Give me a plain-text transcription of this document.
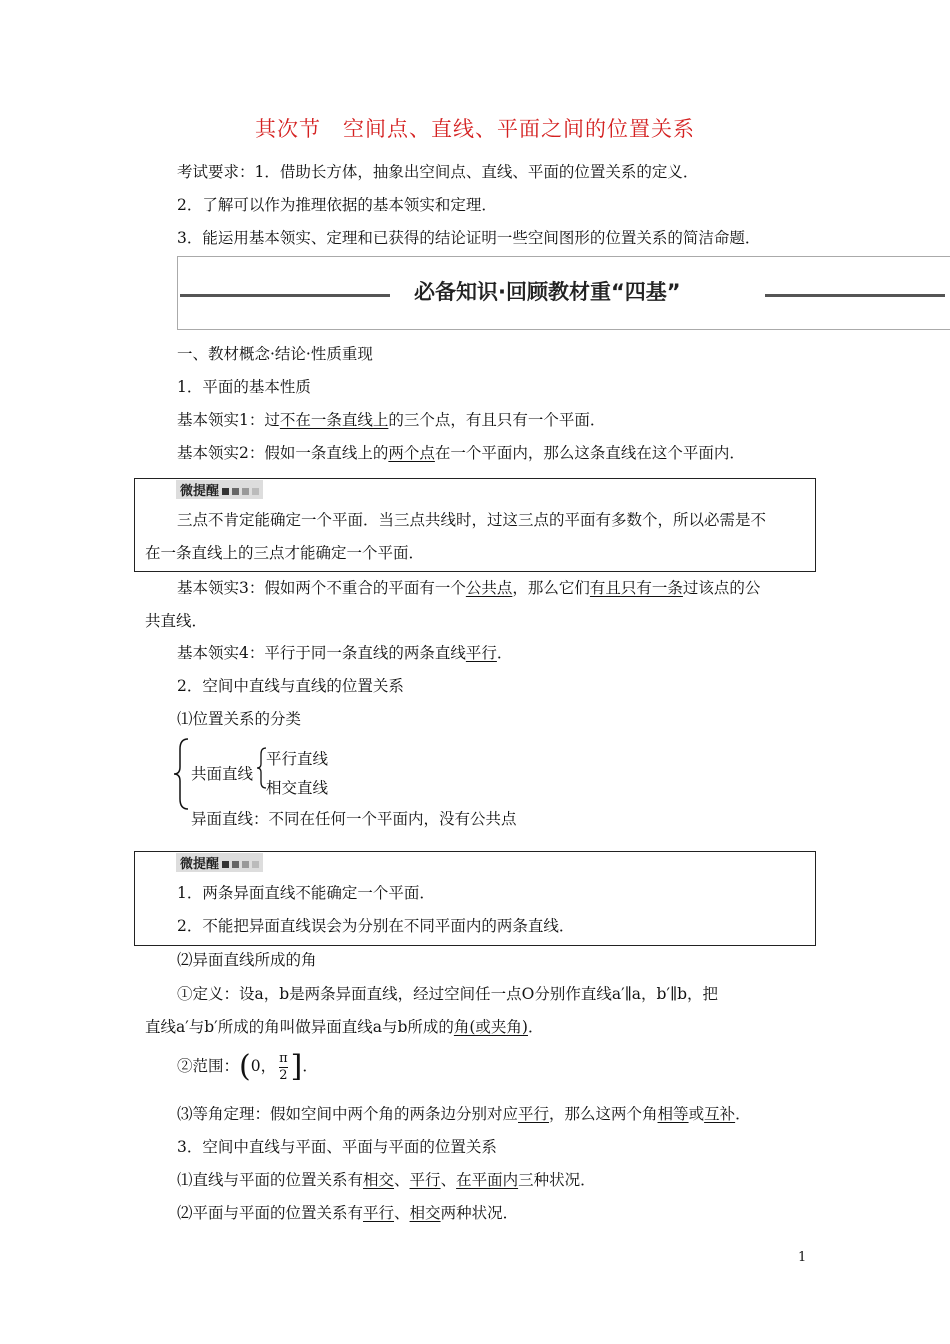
其次节　空间点、直线、平面之间的位置关系
考试要求：1．借助长方体，抽象出空间点、直线、平面的位置关系的定义．
2．了解可以作为推理依据的基本领实和定理．
3．能运用基本领实、定理和已获得的结论证明一些空间图形的位置关系的简洁命题．
必备知识·回顾教材重“四基”
一、教材概念·结论·性质重现
1．平面的基本性质
基本领实1：过不在一条直线上的三个点，有且只有一个平面．
基本领实2：假如一条直线上的两个点在一个平面内，那么这条直线在这个平面内．
微提醒
三点不肯定能确定一个平面．当三点共线时，过这三点的平面有多数个，所以必需是不
在一条直线上的三点才能确定一个平面．
基本领实3：假如两个不重合的平面有一个公共点，那么它们有且只有一条过该点的公
共直线．
基本领实4：平行于同一条直线的两条直线平行．
2．空间中直线与直线的位置关系
⑴位置关系的分类
共面直线
平行直线
相交直线
异面直线：不同在任何一个平面内，没有公共点
微提醒
1．两条异面直线不能确定一个平面．
2．不能把异面直线误会为分别在不同平面内的两条直线．
⑵异面直线所成的角
①定义：设a，b是两条异面直线，经过空间任一点O分别作直线a′∥a，b′∥b，把
直线a′与b′所成的角叫做异面直线a与b所成的角(或夹角)．
②范围：(0， $\frac{\pi}{2}$ ]．
⑶等角定理：假如空间中两个角的两条边分别对应平行，那么这两个角相等或互补．
3．空间中直线与平面、平面与平面的位置关系
⑴直线与平面的位置关系有相交、平行、在平面内三种状况．
⑵平面与平面的位置关系有平行、相交两种状况．
1
